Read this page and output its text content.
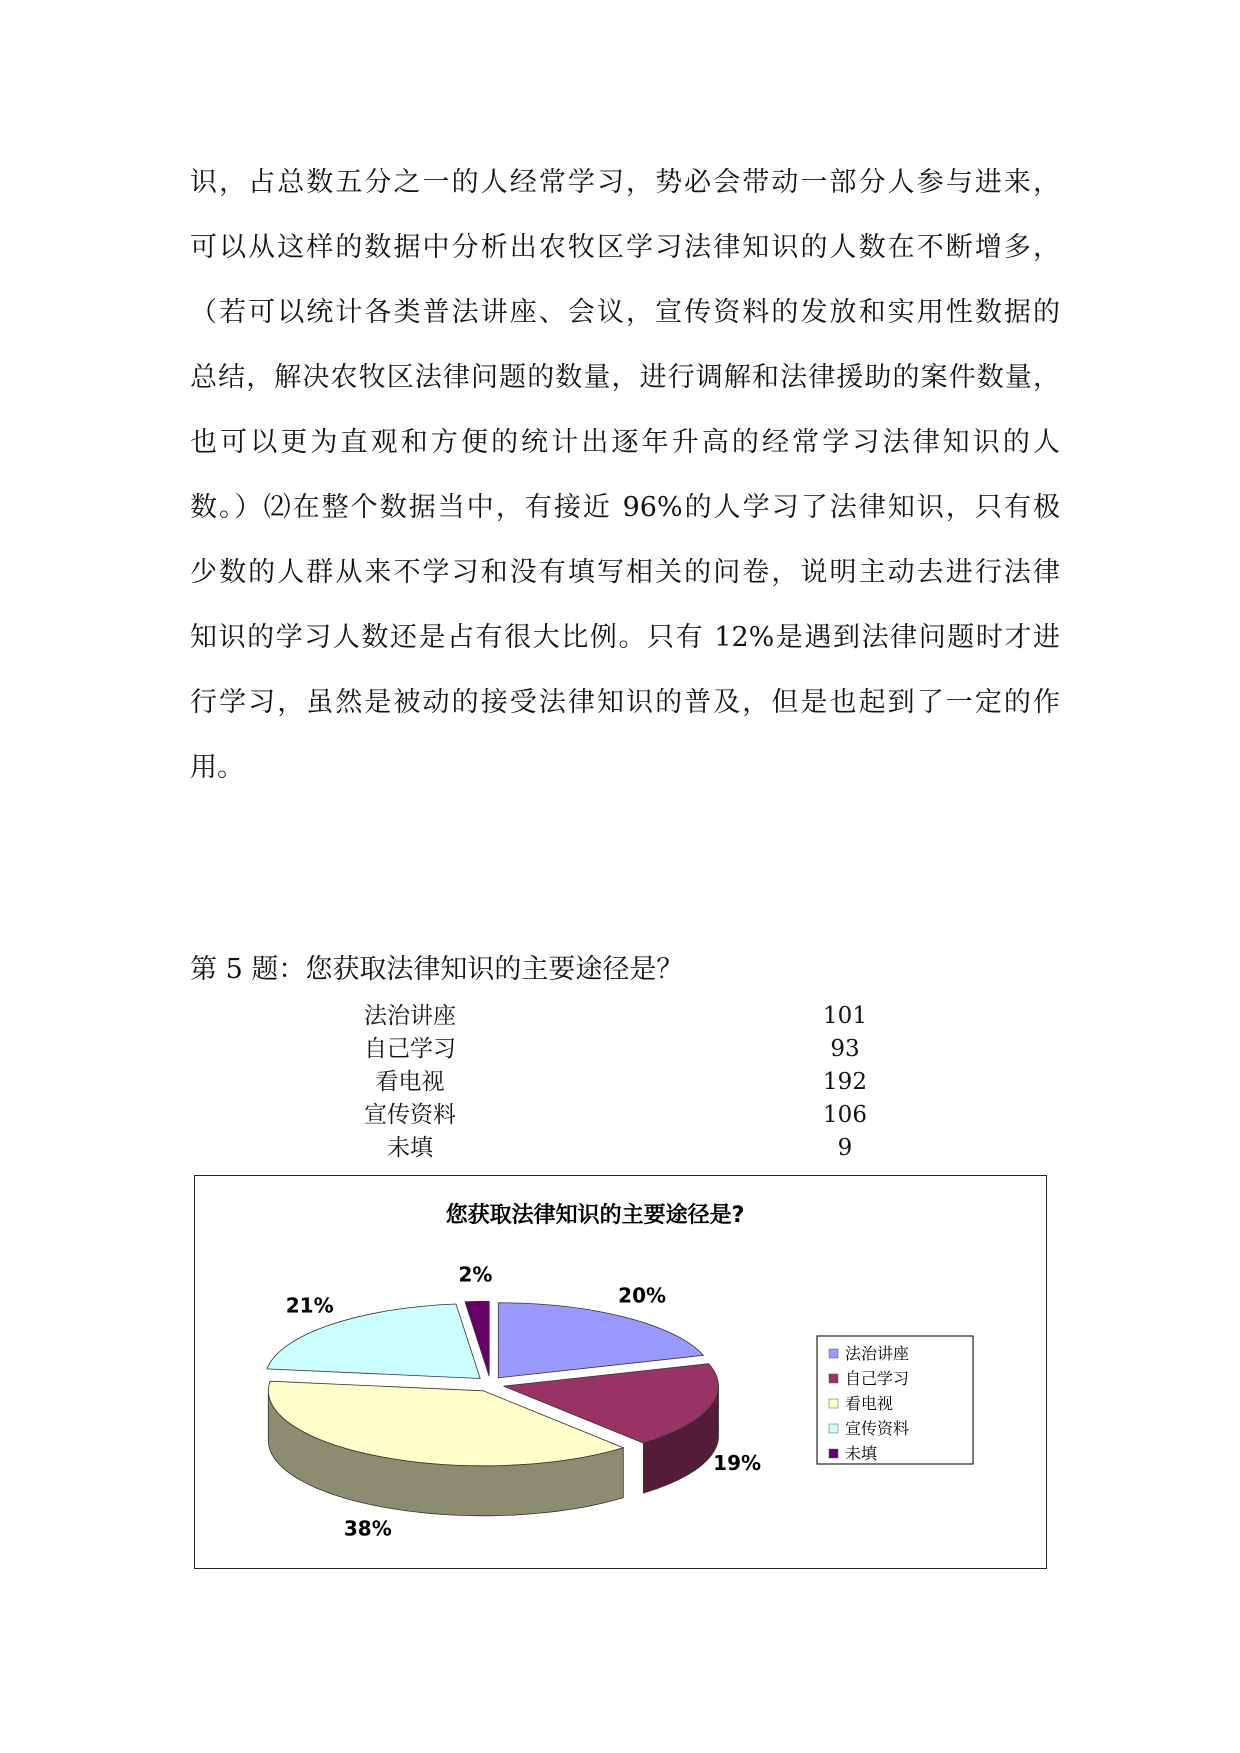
识，占总数五分之一的人经常学习，势必会带动一部分人参与进来，
可以从这样的数据中分析出农牧区学习法律知识的人数在不断增多，
（若可以统计各类普法讲座、会议，宣传资料的发放和实用性数据的
总结，解决农牧区法律问题的数量，进行调解和法律援助的案件数量，
也可以更为直观和方便的统计出逐年升高的经常学习法律知识的人
数。）⑵在整个数据当中，有接近 96%的人学习了法律知识，只有极
少数的人群从来不学习和没有填写相关的问卷，说明主动去进行法律
知识的学习人数还是占有很大比例。只有 12%是遇到法律问题时才进
行学习，虽然是被动的接受法律知识的普及，但是也起到了一定的作
用。
第 5 题：您获取法律知识的主要途径是？
法治讲座	101
自己学习	93
看电视	192
宣传资料	106
未填	9
您获取法律知识的主要途径是?
20%
19%
38%
21%
2%
法治讲座
自己学习
看电视
宣传资料
未填
